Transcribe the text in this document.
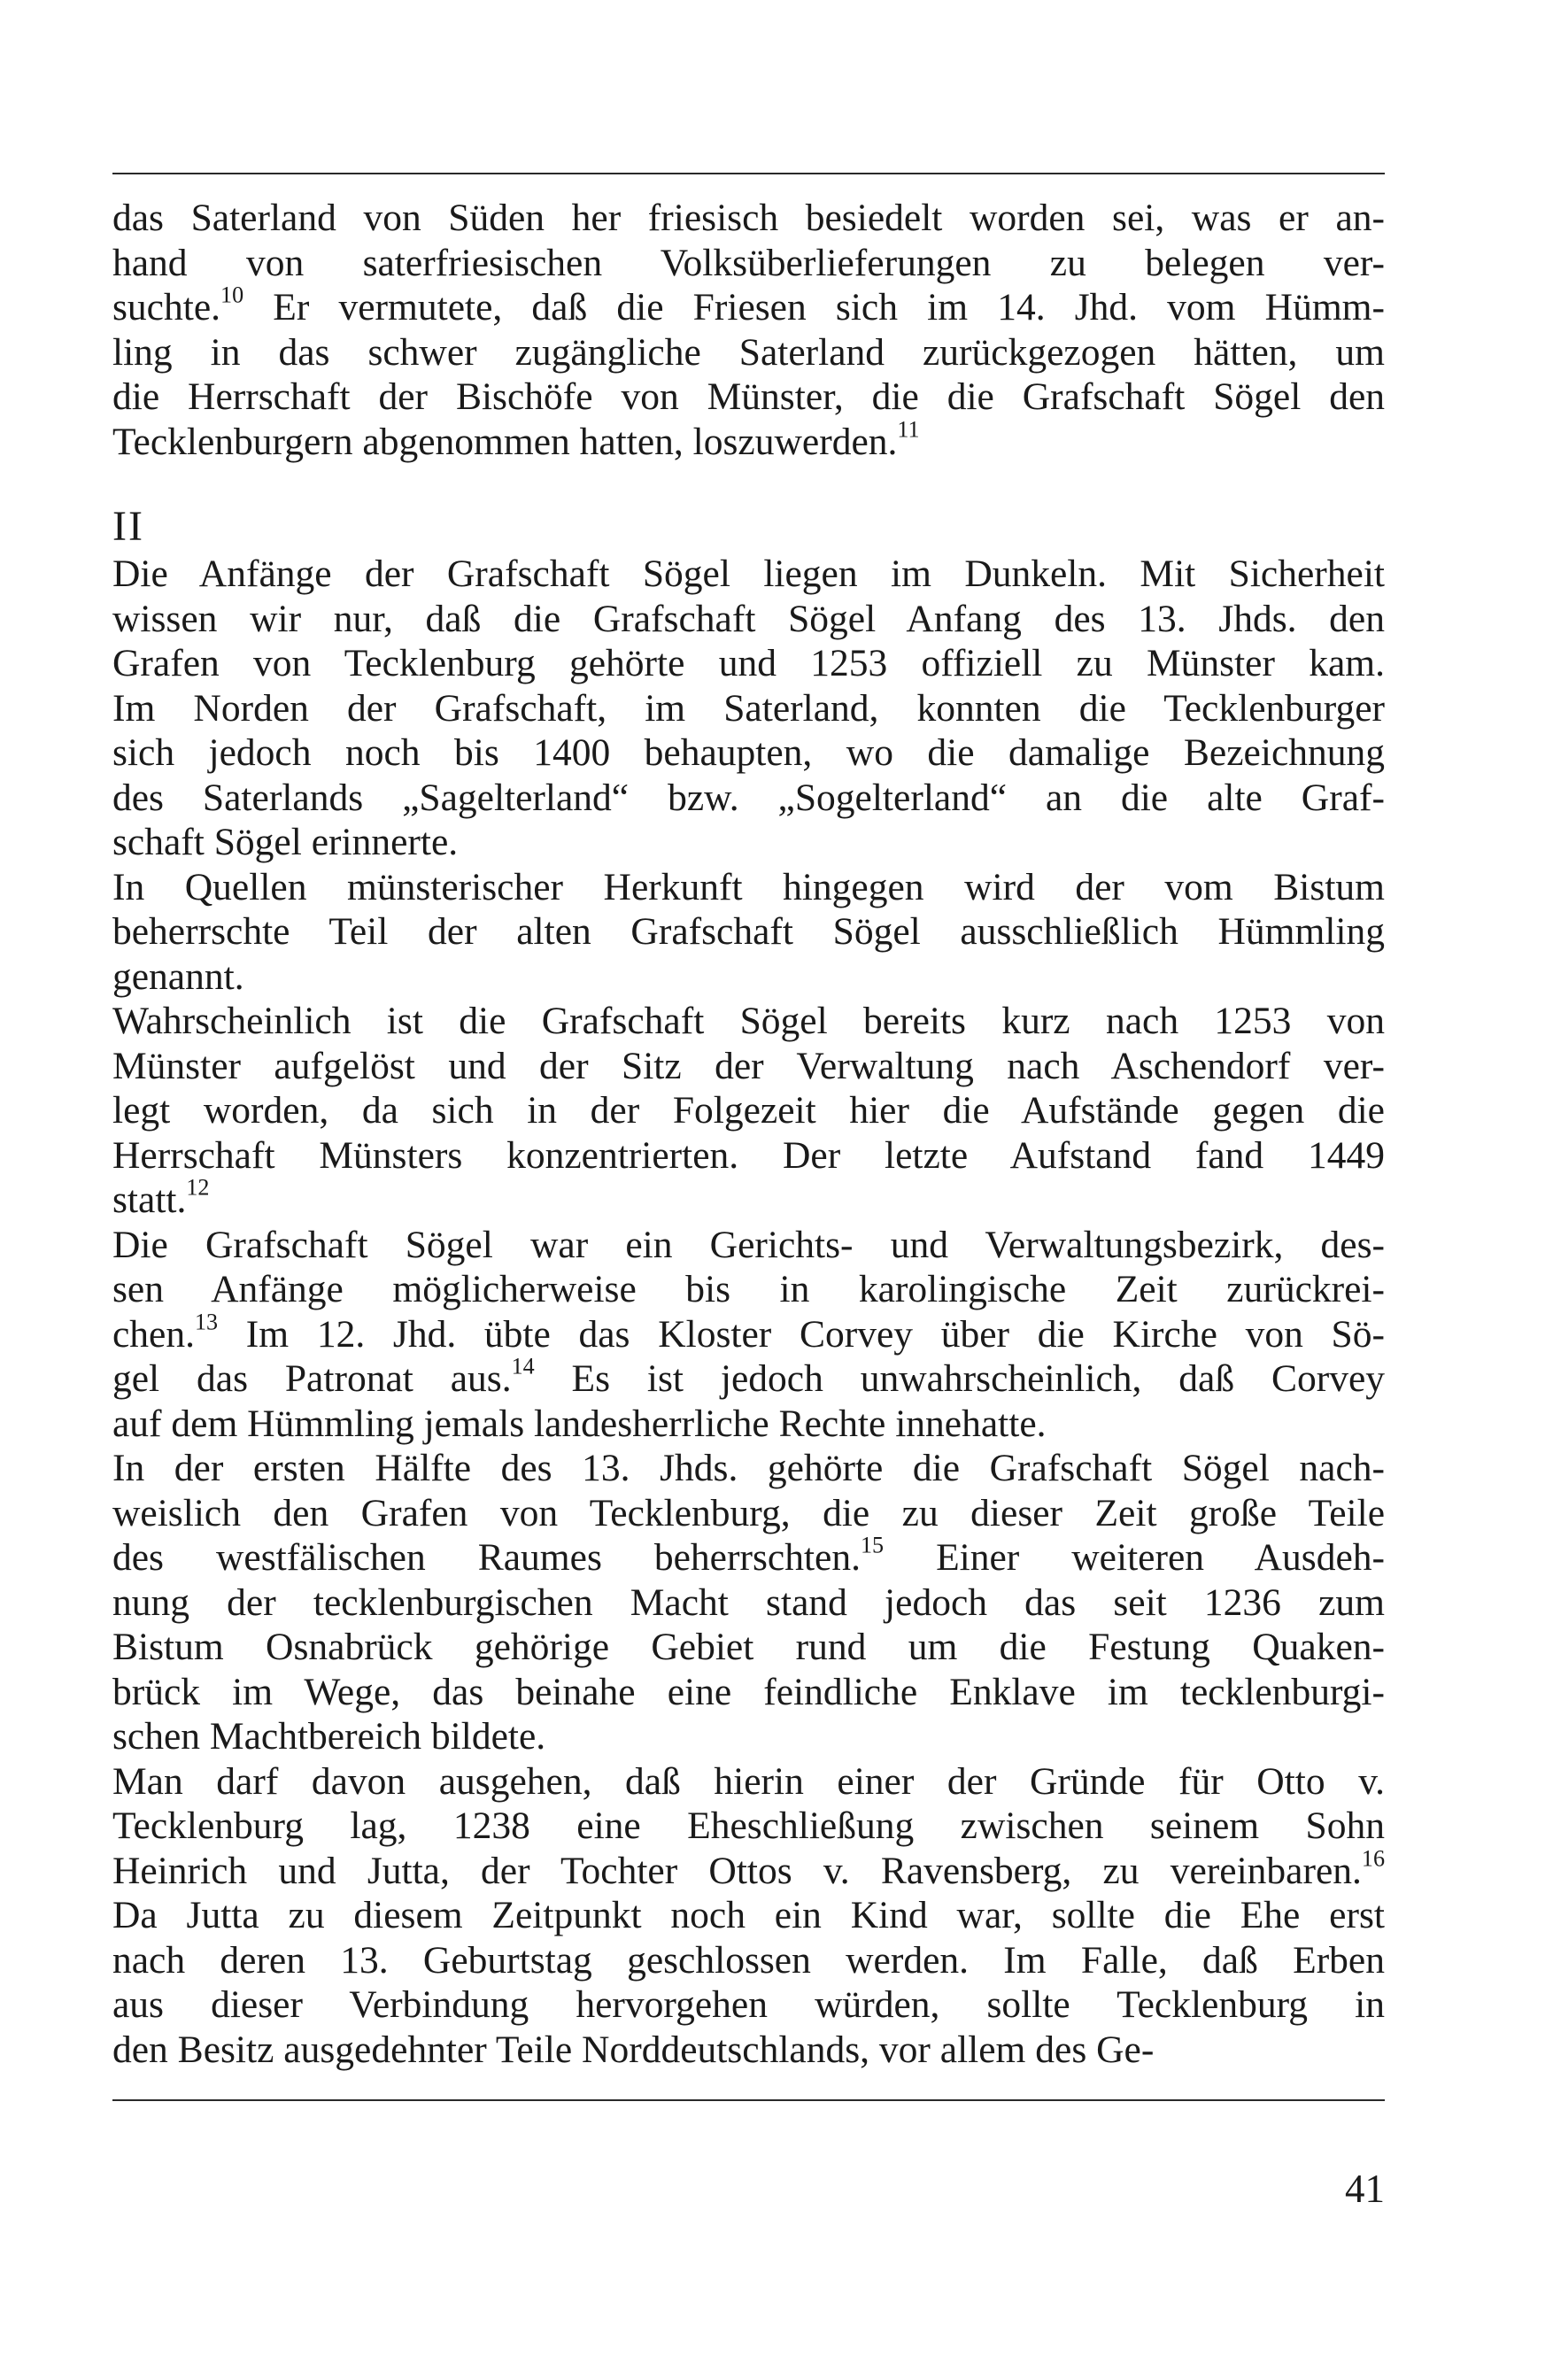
das Saterland von Süden her friesisch besiedelt worden sei, was er an-
hand von saterfriesischen Volksüberlieferungen zu belegen ver-
suchte.$^{10}$ Er vermutete, daß die Friesen sich im 14. Jhd. vom Hümm-
ling in das schwer zugängliche Saterland zurückgezogen hätten, um
die Herrschaft der Bischöfe von Münster, die die Grafschaft Sögel den
Tecklenburgern abgenommen hatten, loszuwerden.$^{11}$
II
Die Anfänge der Grafschaft Sögel liegen im Dunkeln. Mit Sicherheit
wissen wir nur, daß die Grafschaft Sögel Anfang des 13. Jhds. den
Grafen von Tecklenburg gehörte und 1253 offiziell zu Münster kam.
Im Norden der Grafschaft, im Saterland, konnten die Tecklenburger
sich jedoch noch bis 1400 behaupten, wo die damalige Bezeichnung
des Saterlands „Sagelterland“ bzw. „Sogelterland“ an die alte Graf-
schaft Sögel erinnerte.
In Quellen münsterischer Herkunft hingegen wird der vom Bistum
beherrschte Teil der alten Grafschaft Sögel ausschließlich Hümmling
genannt.
Wahrscheinlich ist die Grafschaft Sögel bereits kurz nach 1253 von
Münster aufgelöst und der Sitz der Verwaltung nach Aschendorf ver-
legt worden, da sich in der Folgezeit hier die Aufstände gegen die
Herrschaft Münsters konzentrierten. Der letzte Aufstand fand 1449
statt.$^{12}$
Die Grafschaft Sögel war ein Gerichts- und Verwaltungsbezirk, des-
sen Anfänge möglicherweise bis in karolingische Zeit zurückrei-
chen.$^{13}$ Im 12. Jhd. übte das Kloster Corvey über die Kirche von Sö-
gel das Patronat aus.$^{14}$ Es ist jedoch unwahrscheinlich, daß Corvey
auf dem Hümmling jemals landesherrliche Rechte innehatte.
In der ersten Hälfte des 13. Jhds. gehörte die Grafschaft Sögel nach-
weislich den Grafen von Tecklenburg, die zu dieser Zeit große Teile
des westfälischen Raumes beherrschten.$^{15}$ Einer weiteren Ausdeh-
nung der tecklenburgischen Macht stand jedoch das seit 1236 zum
Bistum Osnabrück gehörige Gebiet rund um die Festung Quaken-
brück im Wege, das beinahe eine feindliche Enklave im tecklenburgi-
schen Machtbereich bildete.
Man darf davon ausgehen, daß hierin einer der Gründe für Otto v.
Tecklenburg lag, 1238 eine Eheschließung zwischen seinem Sohn
Heinrich und Jutta, der Tochter Ottos v. Ravensberg, zu vereinbaren.$^{16}$
Da Jutta zu diesem Zeitpunkt noch ein Kind war, sollte die Ehe erst
nach deren 13. Geburtstag geschlossen werden. Im Falle, daß Erben
aus dieser Verbindung hervorgehen würden, sollte Tecklenburg in
den Besitz ausgedehnter Teile Norddeutschlands, vor allem des Ge-
41
